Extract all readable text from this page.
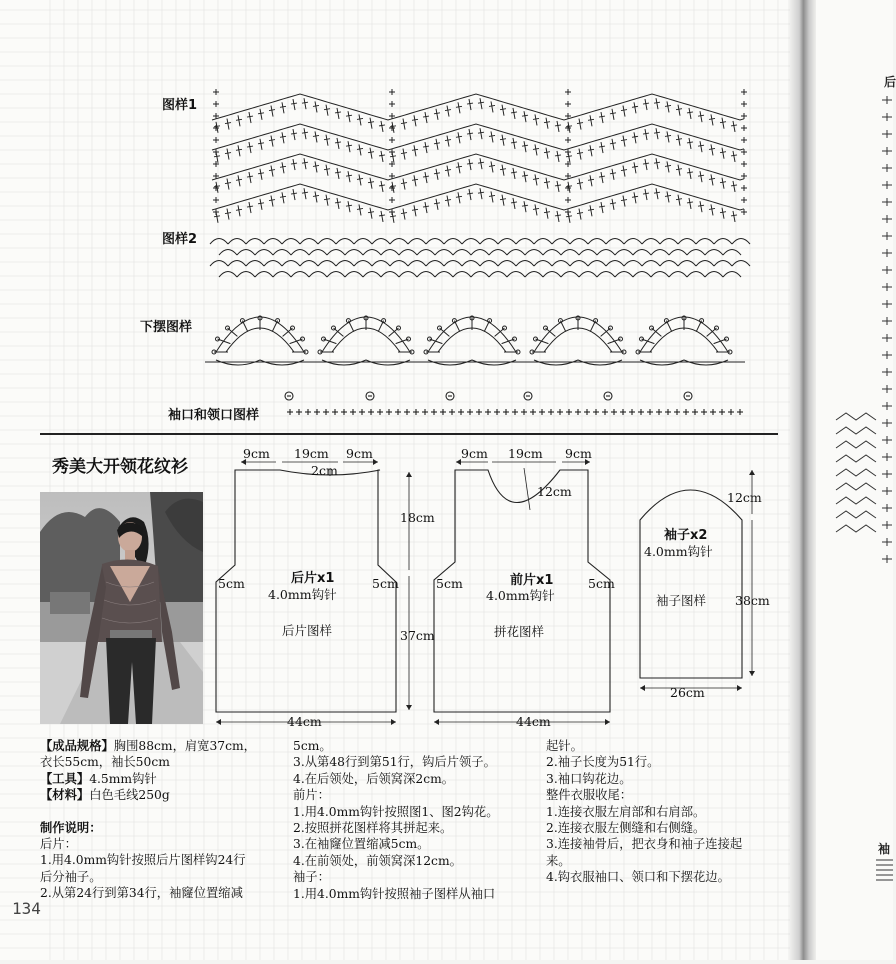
后
袖
图样1
图样2
下摆图样
袖口和领口图样
秀美大开领花纹衫
9cm 19cm 9cm
2cm
18cm
37cm
5cm	5cm
44cm
后片x1
4.0mm钩针
后片图样
9cm 19cm 9cm
12cm
5cm	5cm
44cm
前片x1
4.0mm钩针
拼花图样
12cm
38cm
26cm
袖子x2
4.0mm钩针
袖子图样

【成品规格】胸围88cm，肩宽37cm，

衣长55cm，袖长50cm

【工具】4.5mm钩针

【材料】白色毛线250g

制作说明：

后片：

1.用4.0mm钩针按照后片图样钩24行

后分袖子。

2.从第24行到第34行，袖窿位置缩减

5cm。

3.从第48行到第51行，钩后片领子。

4.在后领处，后领窝深2cm。

前片：

1.用4.0mm钩针按照图1、图2钩花。

2.按照拼花图样将其拼起来。

3.在袖窿位置缩减5cm。

4.在前领处，前领窝深12cm。

袖子：

1.用4.0mm钩针按照袖子图样从袖口

起针。

2.袖子长度为51行。

3.袖口钩花边。

整件衣服收尾：

1.连接衣服左肩部和右肩部。

2.连接衣服左侧缝和右侧缝。

3.连接袖骨后，把衣身和袖子连接起

来。

4.钩衣服袖口、领口和下摆花边。

134
